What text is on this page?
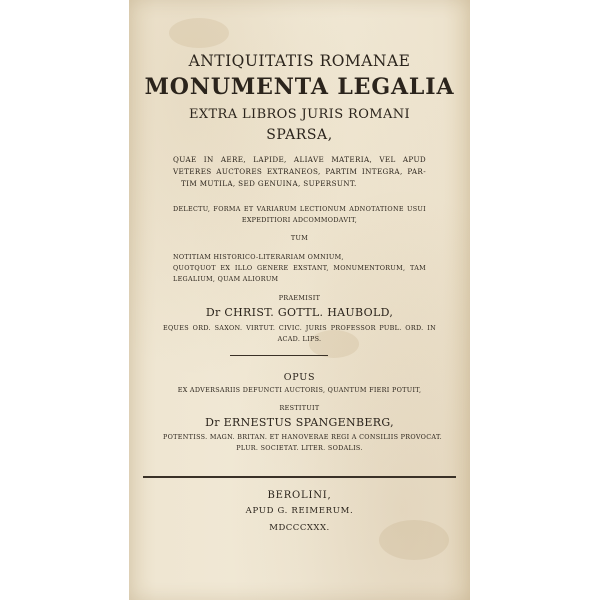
ANTIQUITATIS ROMANAE

MONUMENTA LEGALIA

EXTRA LIBROS JURIS ROMANI

SPARSA,

QUAE IN AERE, LAPIDE, ALIAVE MATERIA, VEL APUD

VETERES AUCTORES EXTRANEOS, PARTIM INTEGRA, PAR-

TIM MUTILA, SED GENUINA, SUPERSUNT.

DELECTU, FORMA ET VARIARUM LECTIONUM ADNOTATIONE USUI

EXPEDITIORI ADCOMMODAVIT,

TUM

NOTITIAM HISTORICO-LITERARIAM OMNIUM,

QUOTQUOT EX ILLO GENERE EXSTANT, MONUMENTORUM, TAM

LEGALIUM, QUAM ALIORUM

PRAEMISIT

Dr CHRIST. GOTTL. HAUBOLD,

EQUES ORD. SAXON. VIRTUT. CIVIC. JURIS PROFESSOR PUBL. ORD. IN

ACAD. LIPS.

OPUS

EX ADVERSARIIS DEFUNCTI AUCTORIS, QUANTUM FIERI POTUIT,

RESTITUIT

Dr ERNESTUS SPANGENBERG,

POTENTISS. MAGN. BRITAN. ET HANOVERAE REGI A CONSILIIS PROVOCAT.

PLUR. SOCIETAT. LITER. SODALIS.

BEROLINI,

APUD G. REIMERUM.

MDCCCXXX.
